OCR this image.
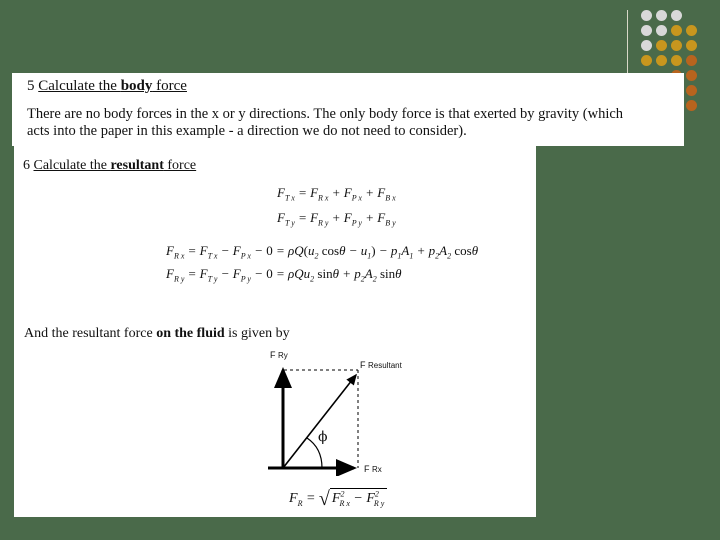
5 Calculate the body force
There are no body forces in the x or y directions. The only body force is that exerted by gravity (which
acts into the paper in this example - a direction we do not need to consider).
6 Calculate the resultant force
$F_{T x} = F_{R x} + F_{P x} + F_{B x}$
$F_{T y} = F_{R y} + F_{P y} + F_{B y}$
$F_{R x} = F_{T x} - F_{P x} - 0 = \rho Q(u_2$ $\cos\theta - u_1) - p_1A_1 + p_2A_2$ cosθ
$F_{R y} = F_{T y} - F_{P y} - 0 = \rho Qu_2$ $\sin\theta + p_2A_2$ sinθ
And the resultant force on the fluid is given by
F Ry
F Resultant
F Rx
ϕ
$F_R$ = √ $F^2_{R x} - F^2_{R y}$
